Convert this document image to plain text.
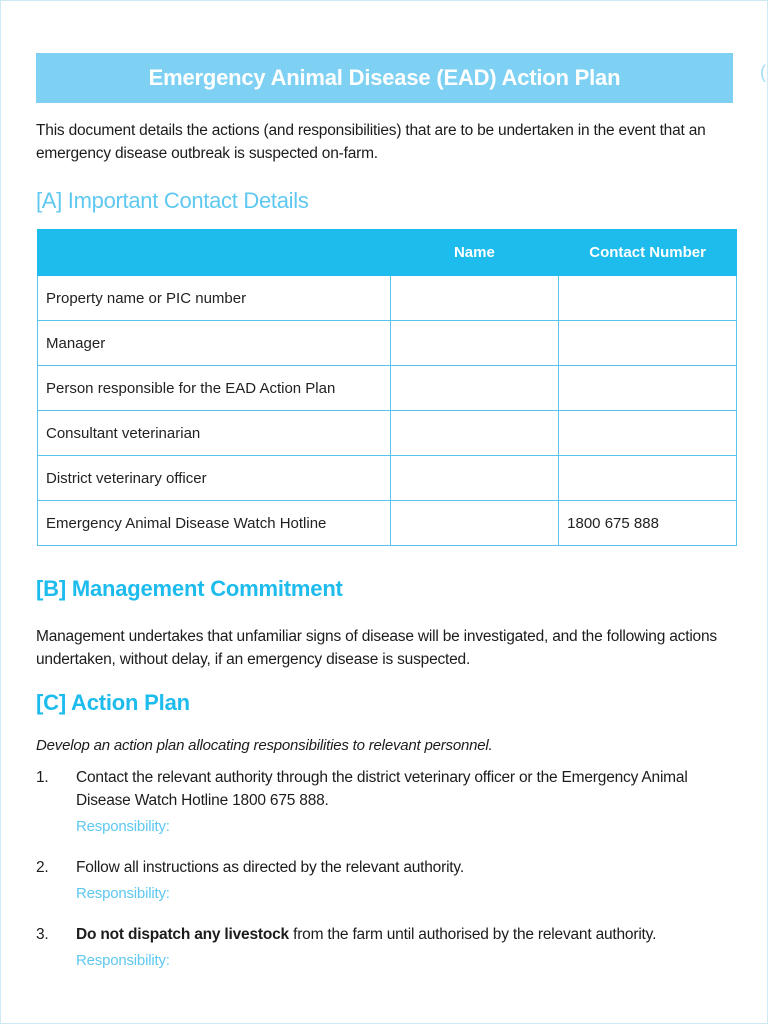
Emergency Animal Disease (EAD) Action Plan	(
This document details the actions (and responsibilities) that are to be undertaken in the event that an emergency disease outbreak is suspected on-farm.
[A] Important Contact Details
	Name	Contact Number
Property name or PIC number		
Manager		
Person responsible for the EAD Action Plan		
Consultant veterinarian		
District veterinary officer		
Emergency Animal Disease Watch Hotline		1800 675 888
[B] Management Commitment
Management undertakes that unfamiliar signs of disease will be investigated, and the following actions undertaken, without delay, if an emergency disease is suspected.
[C] Action Plan
Develop an action plan allocating responsibilities to relevant personnel.
1. Contact the relevant authority through the district veterinary officer or the Emergency Animal Disease Watch Hotline 1800 675 888.
Responsibility:
2. Follow all instructions as directed by the relevant authority.
Responsibility:
3. Do not dispatch any livestock from the farm until authorised by the relevant authority.
Responsibility:
